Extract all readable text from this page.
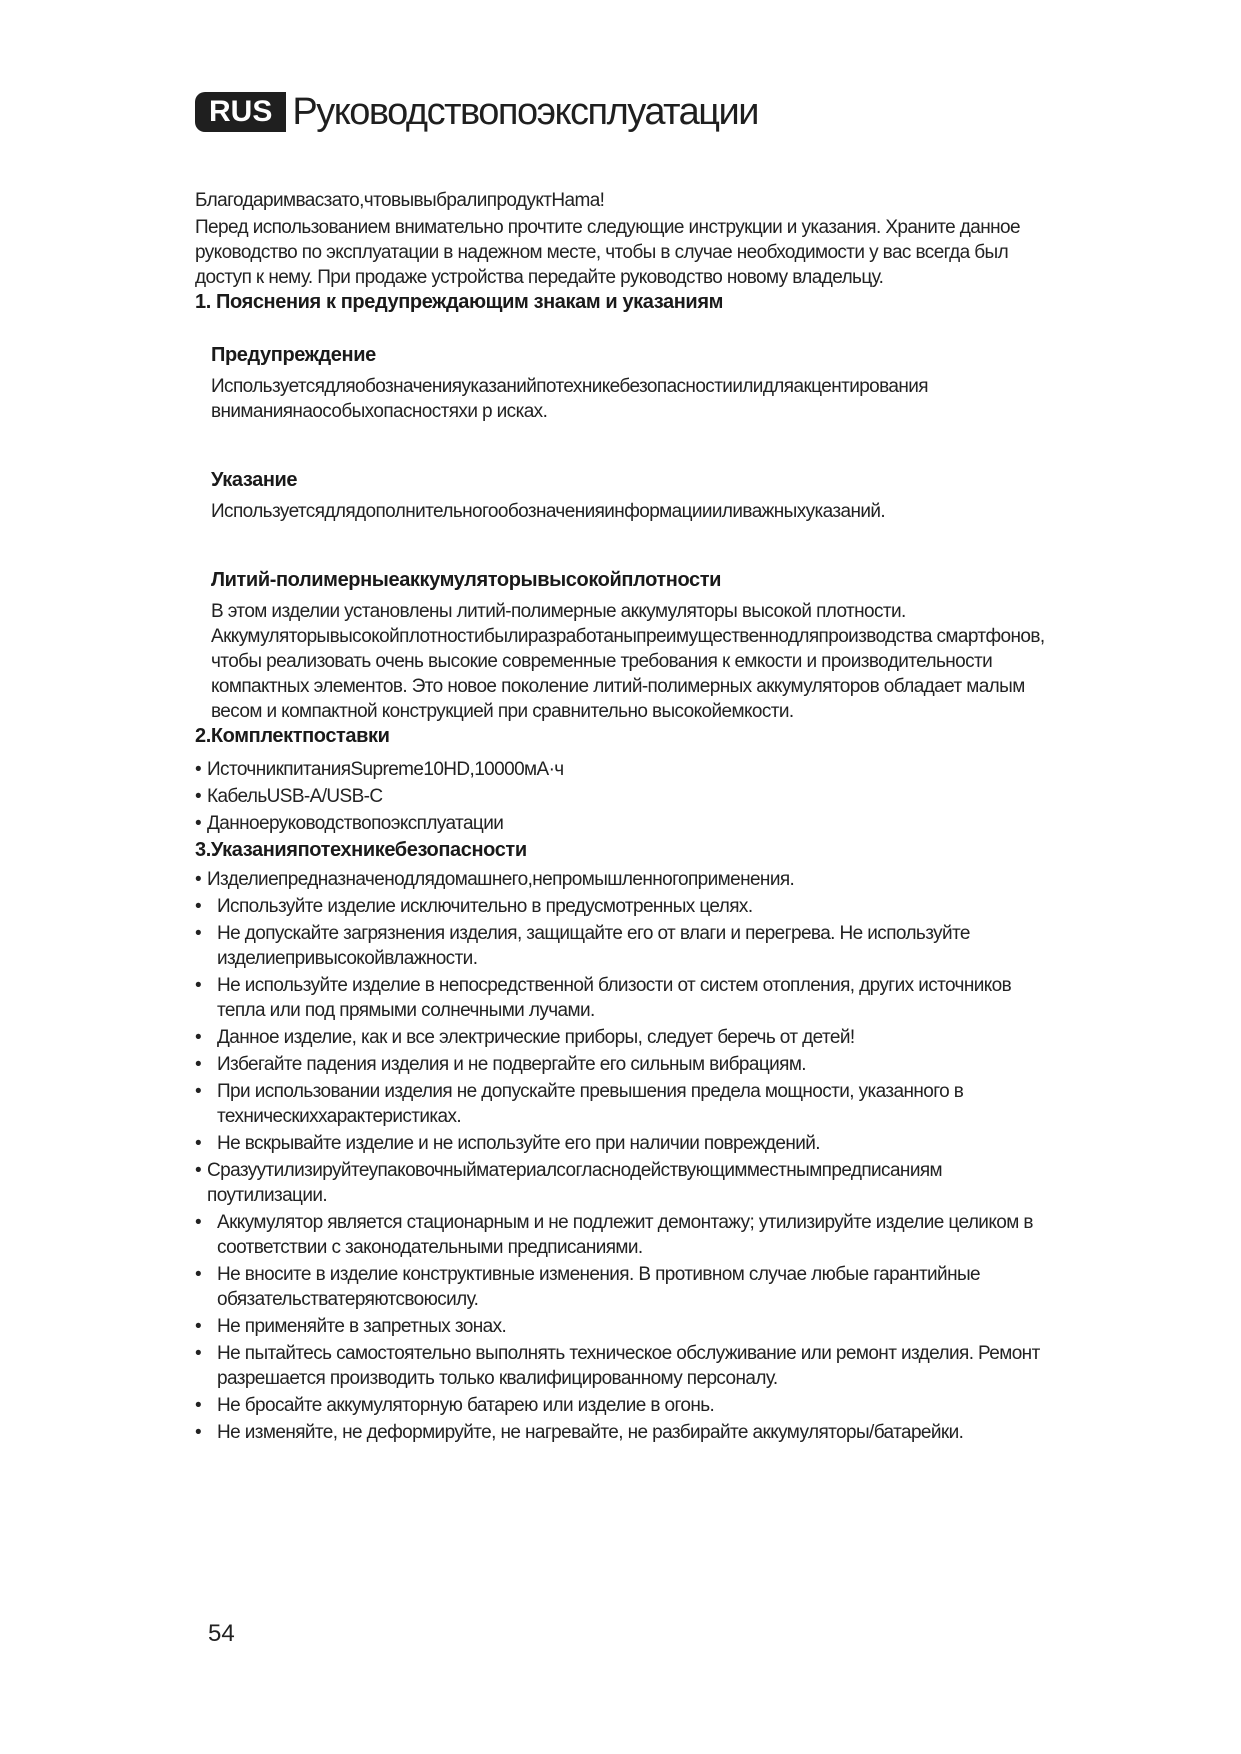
RUS Руководствопоэксплуатации

Благодаримвасзато,чтовывыбралипродуктHama!

Перед использованием внимательно прочтите следующие инструкции и указания. Храните данное руководство по эксплуатации в надежном месте, чтобы в случае необходимости у вас всегда был доступ к нему. При продаже устройства передайте руководство новому владельцу.

1. Пояснения к предупреждающим знакам и указаниям
Предупреждение

Используетсядляобозначенияуказанийпотехникебезопасностиилидляакцентирования вниманиянаособыхопасностяхи р исках.

Указание

Используетсядлядополнительногообозначенияинформациииливажныхуказаний.

Литий-полимерныеаккумуляторывысокойплотности

В этом изделии установлены литий-полимерные аккумуляторы высокой плотности. Аккумуляторывысокойплотностибылиразработаныпреимущественнодляпроизводства смартфонов, чтобы реализовать очень высокие современные требования к емкости и производительности компактных элементов. Это новое поколение литий-полимерных аккумуляторов обладает малым весом и компактной конструкцией при сравнительно высокойемкости.

2.Комплектпоставки
• ИсточникпитанияSupreme10HD,10000мА·ч
• КабельUSB-A/USB-C
• Данноеруководствопоэксплуатации
3.Указанияпотехникебезопасности
• Изделиепредназначенодлядомашнего,непромышленногоприменения.
• Используйте изделие исключительно в предусмотренных целях.
• Не допускайте загрязнения изделия, защищайте его от влаги и перегрева. Не используйте изделиепривысокойвлажности.
• Не используйте изделие в непосредственной близости от систем отопления, других источников тепла или под прямыми солнечными лучами.
• Данное изделие, как и все электрические приборы, следует беречь от детей!
• Избегайте падения изделия и не подвергайте его сильным вибрациям.
• При использовании изделия не допускайте превышения предела мощности, указанного в техническиххарактеристиках.
• Не вскрывайте изделие и не используйте его при наличии повреждений.
• Сразуутилизируйтеупаковочныйматериалсогласнодействующимместнымпредписаниям поутилизации.
• Аккумулятор является стационарным и не подлежит демонтажу; утилизируйте изделие целиком в соответствии с законодательными предписаниями.
• Не вносите в изделие конструктивные изменения. В противном случае любые гарантийные обязательстватеряютсвоюсилу.
• Не применяйте в запретных зонах.
• Не пытайтесь самостоятельно выполнять техническое обслуживание или ремонт изделия. Ремонт разрешается производить только квалифицированному персоналу.
• Не бросайте аккумуляторную батарею или изделие в огонь.
• Не изменяйте, не деформируйте, не нагревайте, не разбирайте аккумуляторы/батарейки.
54
